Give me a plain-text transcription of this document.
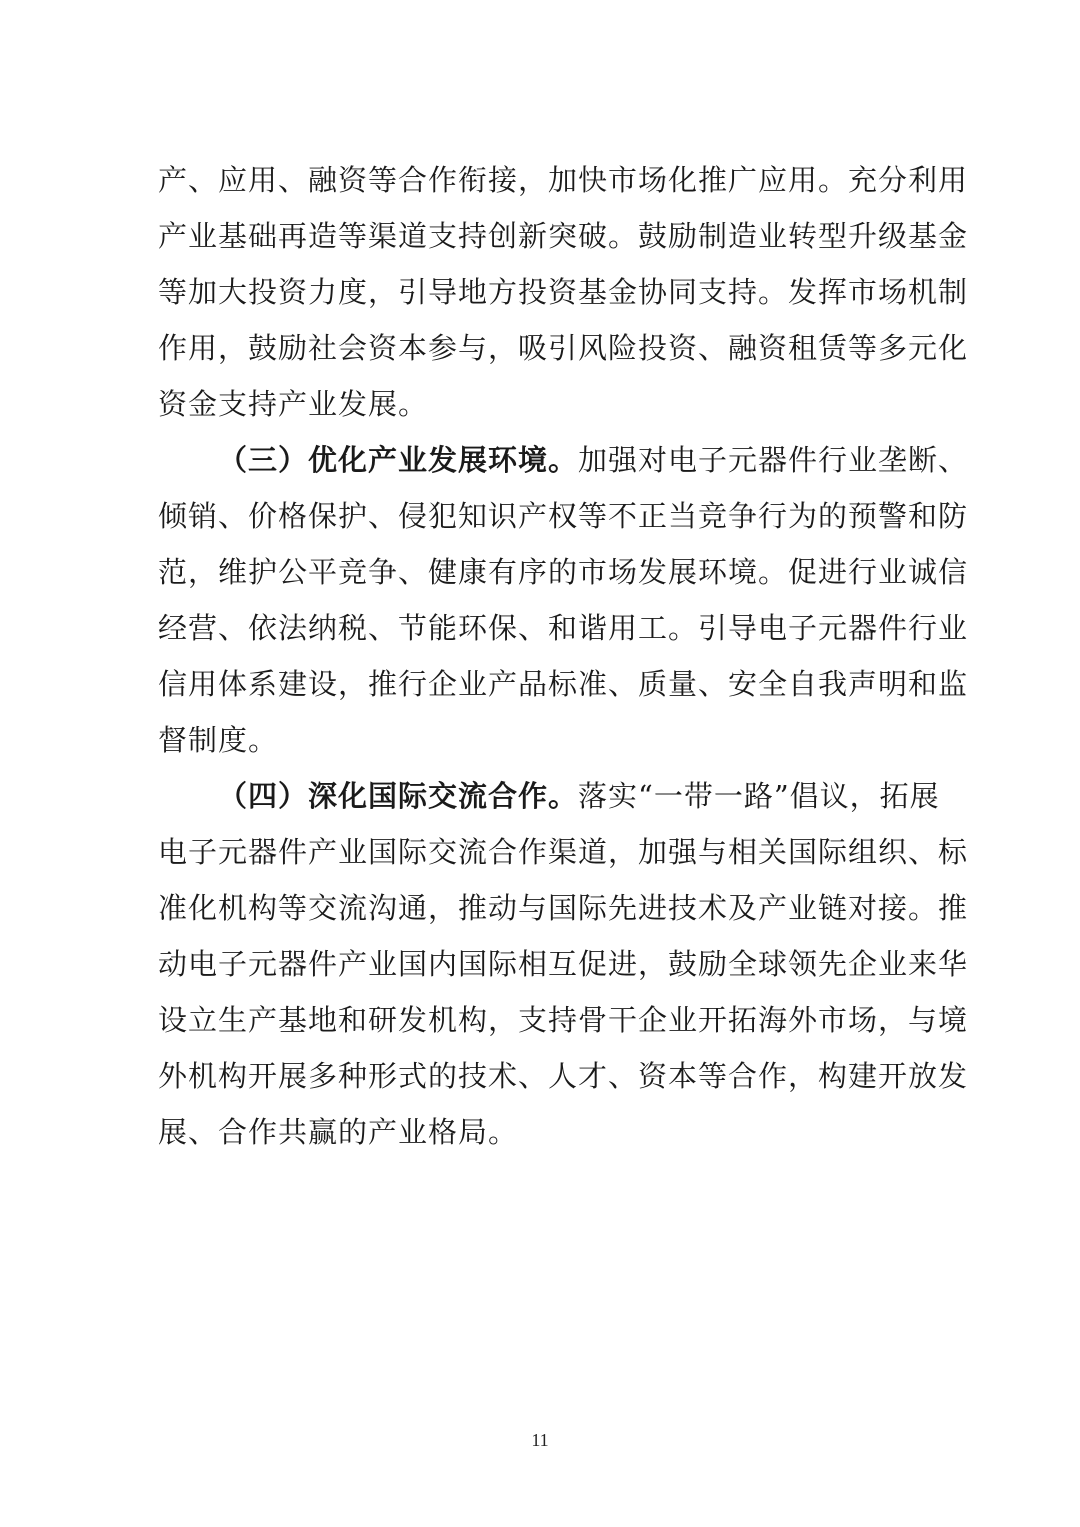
产、应用、融资等合作衔接，加快市场化推广应用。充分利用
产业基础再造等渠道支持创新突破。鼓励制造业转型升级基金
等加大投资力度，引导地方投资基金协同支持。发挥市场机制
作用，鼓励社会资本参与，吸引风险投资、融资租赁等多元化
资金支持产业发展。
（三）优化产业发展环境。加强对电子元器件行业垄断、
倾销、价格保护、侵犯知识产权等不正当竞争行为的预警和防
范，维护公平竞争、健康有序的市场发展环境。促进行业诚信
经营、依法纳税、节能环保、和谐用工。引导电子元器件行业
信用体系建设，推行企业产品标准、质量、安全自我声明和监
督制度。
（四）深化国际交流合作。落实“一带一路”倡议，拓展
电子元器件产业国际交流合作渠道，加强与相关国际组织、标
准化机构等交流沟通，推动与国际先进技术及产业链对接。推
动电子元器件产业国内国际相互促进，鼓励全球领先企业来华
设立生产基地和研发机构，支持骨干企业开拓海外市场，与境
外机构开展多种形式的技术、人才、资本等合作，构建开放发
展、合作共赢的产业格局。
11
